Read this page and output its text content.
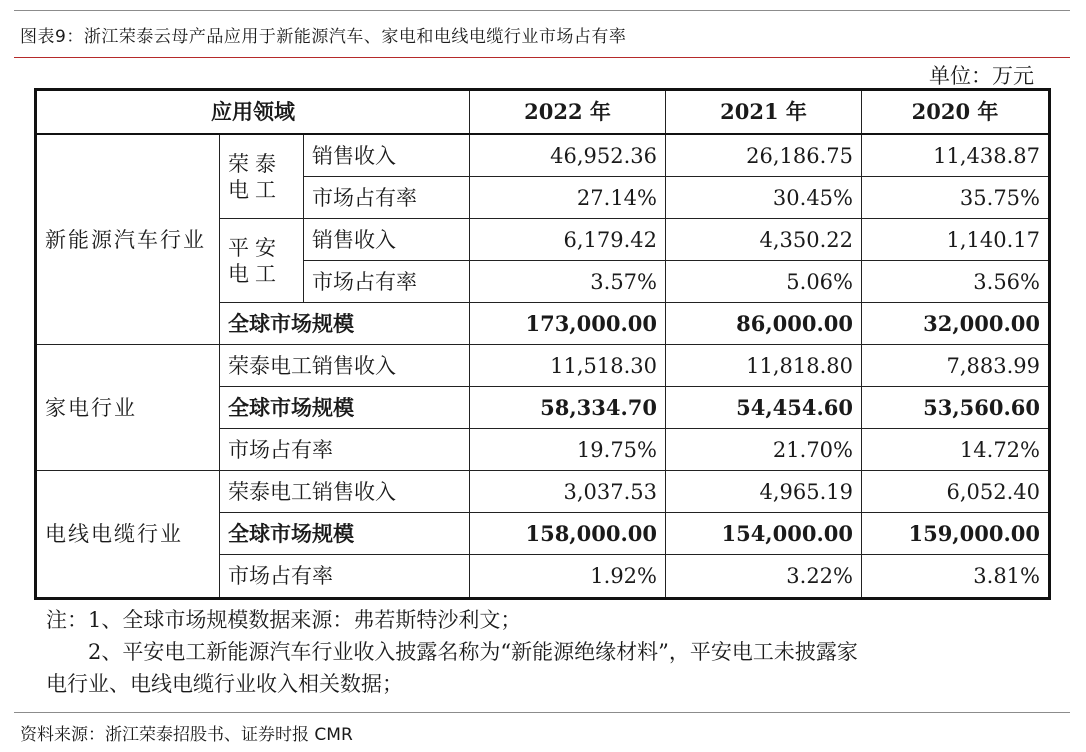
图表9：浙江荣泰云母产品应用于新能源汽车、家电和电线电缆行业市场占有率
单位：万元
应用领域			2022 年	2021 年	2020 年
新能源汽车行业	荣泰电工	销售收入	46,952.36	26,186.75	11,438.87
		市场占有率	27.14%	30.45%	35.75%
	平安电工	销售收入	6,179.42	4,350.22	1,140.17
		市场占有率	3.57%	5.06%	3.56%
	全球市场规模		173,000.00	86,000.00	32,000.00
家电行业	荣泰电工销售收入		11,518.30	11,818.80	7,883.99
	全球市场规模		58,334.70	54,454.60	53,560.60
	市场占有率		19.75%	21.70%	14.72%
电线电缆行业	荣泰电工销售收入		3,037.53	4,965.19	6,052.40
	全球市场规模		158,000.00	154,000.00	159,000.00
	市场占有率		1.92%	3.22%	3.81%
注：1、全球市场规模数据来源：弗若斯特沙利文；
2、平安电工新能源汽车行业收入披露名称为“新能源绝缘材料”，平安电工未披露家
电行业、电线电缆行业收入相关数据；
资料来源：浙江荣泰招股书、证券时报 CMR
